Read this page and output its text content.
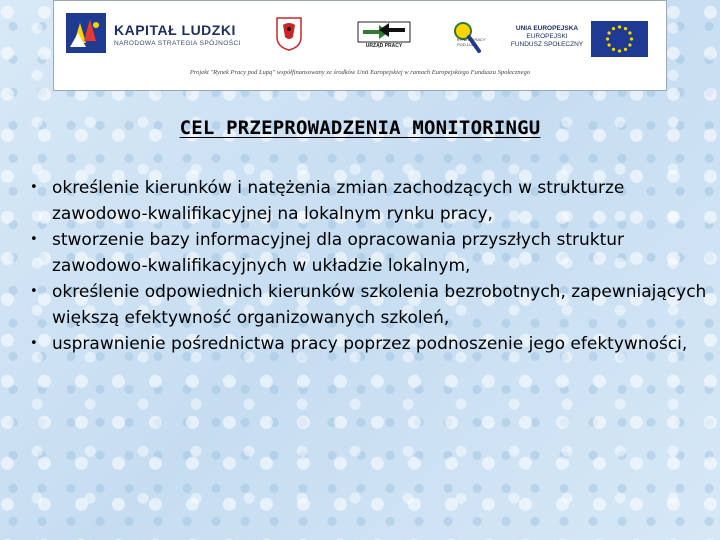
KAPITAŁ LUDZKI
NARODOWA STRATEGIA SPÓJNOŚCI	URZĄD PRACY
KYNEK PRACY POD LUPĄ
UNIA EUROPEJSKA
EUROPEJSKI
FUNDUSZ SPOŁECZNY
Projekt "Rynek Pracy pod Lupą" współfinansowany ze środków Unii Europejskiej w ramach Europejskiego Funduszu Społecznego
CEL PRZEPROWADZENIA MONITORINGU
• określenie kierunków i natężenia zmian zachodzących w strukturze zawodowo-kwalifikacyjnej na lokalnym rynku pracy,
• stworzenie bazy informacyjnej dla opracowania przyszłych struktur zawodowo-kwalifikacyjnych w układzie lokalnym,
• określenie odpowiednich kierunków szkolenia bezrobotnych, zapewniających większą efektywność organizowanych szkoleń,
• usprawnienie pośrednictwa pracy poprzez podnoszenie jego efektywności,
